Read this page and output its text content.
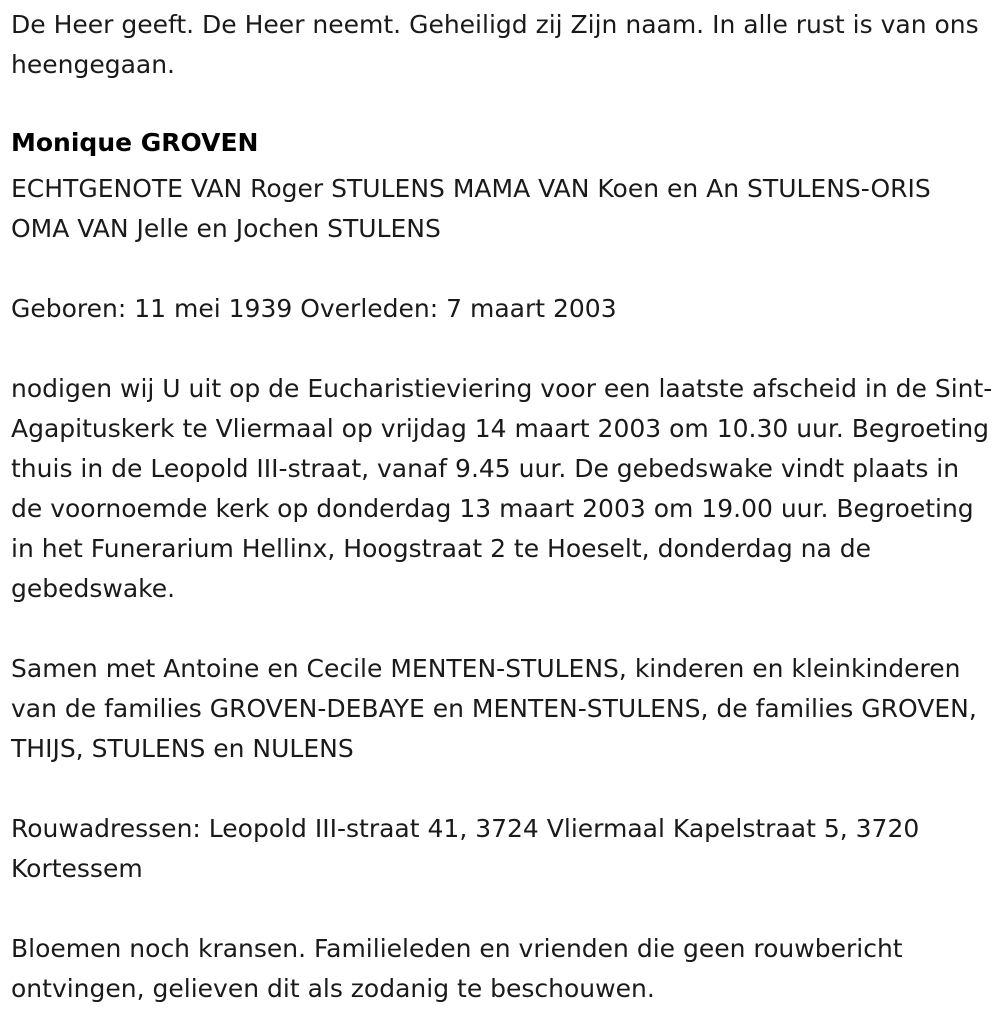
De Heer geeft. De Heer neemt. Geheiligd zij Zijn naam. In alle rust is van ons heengegaan.

Monique GROVEN

ECHTGENOTE VAN Roger STULENS MAMA VAN Koen en An STULENS-ORIS OMA VAN Jelle en Jochen STULENS

Geboren: 11 mei 1939 Overleden: 7 maart 2003

nodigen wij U uit op de Eucharistieviering voor een laatste afscheid in de Sint-Agapituskerk te Vliermaal op vrijdag 14 maart 2003 om 10.30 uur. Begroeting thuis in de Leopold III-straat, vanaf 9.45 uur. De gebedswake vindt plaats in de voornoemde kerk op donderdag 13 maart 2003 om 19.00 uur. Begroeting in het Funerarium Hellinx, Hoogstraat 2 te Hoeselt, donderdag na de gebedswake.

Samen met Antoine en Cecile MENTEN-STULENS, kinderen en kleinkinderen van de families GROVEN-DEBAYE en MENTEN-STULENS, de families GROVEN, THIJS, STULENS en NULENS

Rouwadressen: Leopold III-straat 41, 3724 Vliermaal Kapelstraat 5, 3720 Kortessem

Bloemen noch kransen. Familieleden en vrienden die geen rouwbericht ontvingen, gelieven dit als zodanig te beschouwen.
